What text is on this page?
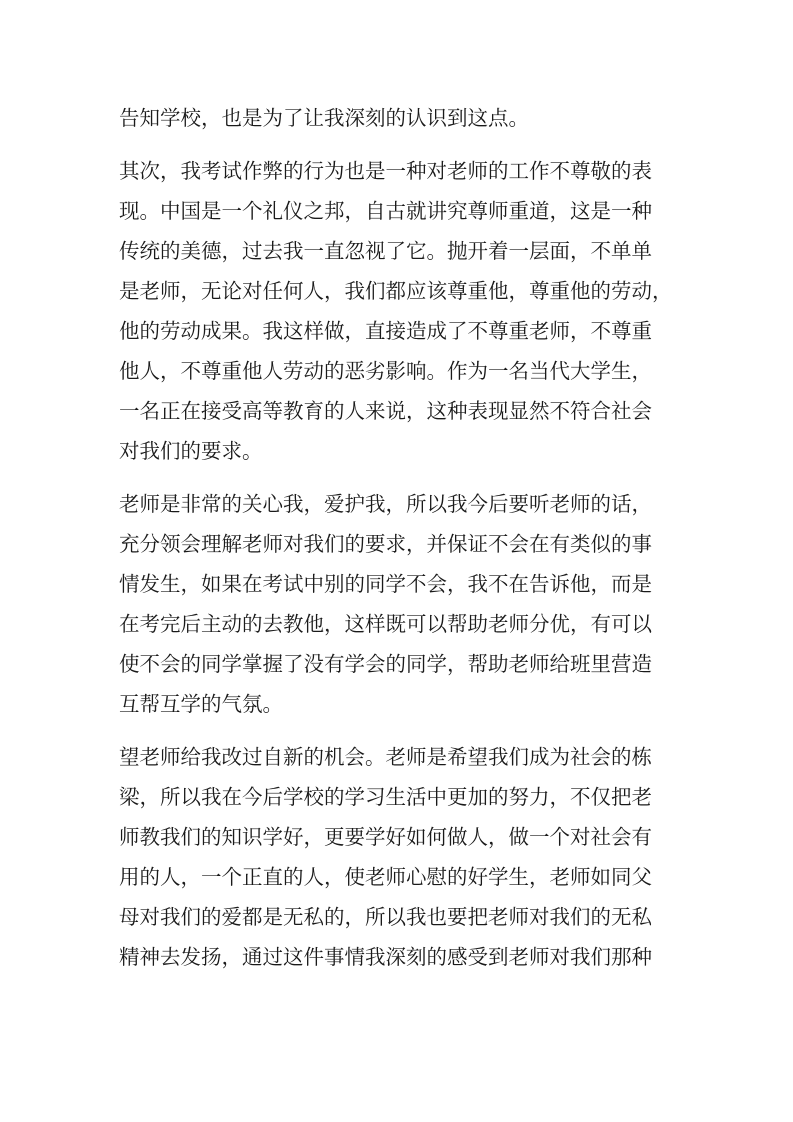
告知学校，也是为了让我深刻的认识到这点。
其次，我考试作弊的行为也是一种对老师的工作不尊敬的表
现。中国是一个礼仪之邦，自古就讲究尊师重道，这是一种
传统的美德，过去我一直忽视了它。抛开着一层面，不单单
是老师，无论对任何人，我们都应该尊重他，尊重他的劳动，
他的劳动成果。我这样做，直接造成了不尊重老师，不尊重
他人，不尊重他人劳动的恶劣影响。作为一名当代大学生，
一名正在接受高等教育的人来说，这种表现显然不符合社会
对我们的要求。
老师是非常的关心我，爱护我，所以我今后要听老师的话，
充分领会理解老师对我们的要求，并保证不会在有类似的事
情发生，如果在考试中别的同学不会，我不在告诉他，而是
在考完后主动的去教他，这样既可以帮助老师分优，有可以
使不会的同学掌握了没有学会的同学，帮助老师给班里营造
互帮互学的气氛。
望老师给我改过自新的机会。老师是希望我们成为社会的栋
梁，所以我在今后学校的学习生活中更加的努力，不仅把老
师教我们的知识学好，更要学好如何做人，做一个对社会有
用的人，一个正直的人，使老师心慰的好学生，老师如同父
母对我们的爱都是无私的，所以我也要把老师对我们的无私
精神去发扬，通过这件事情我深刻的感受到老师对我们那种
